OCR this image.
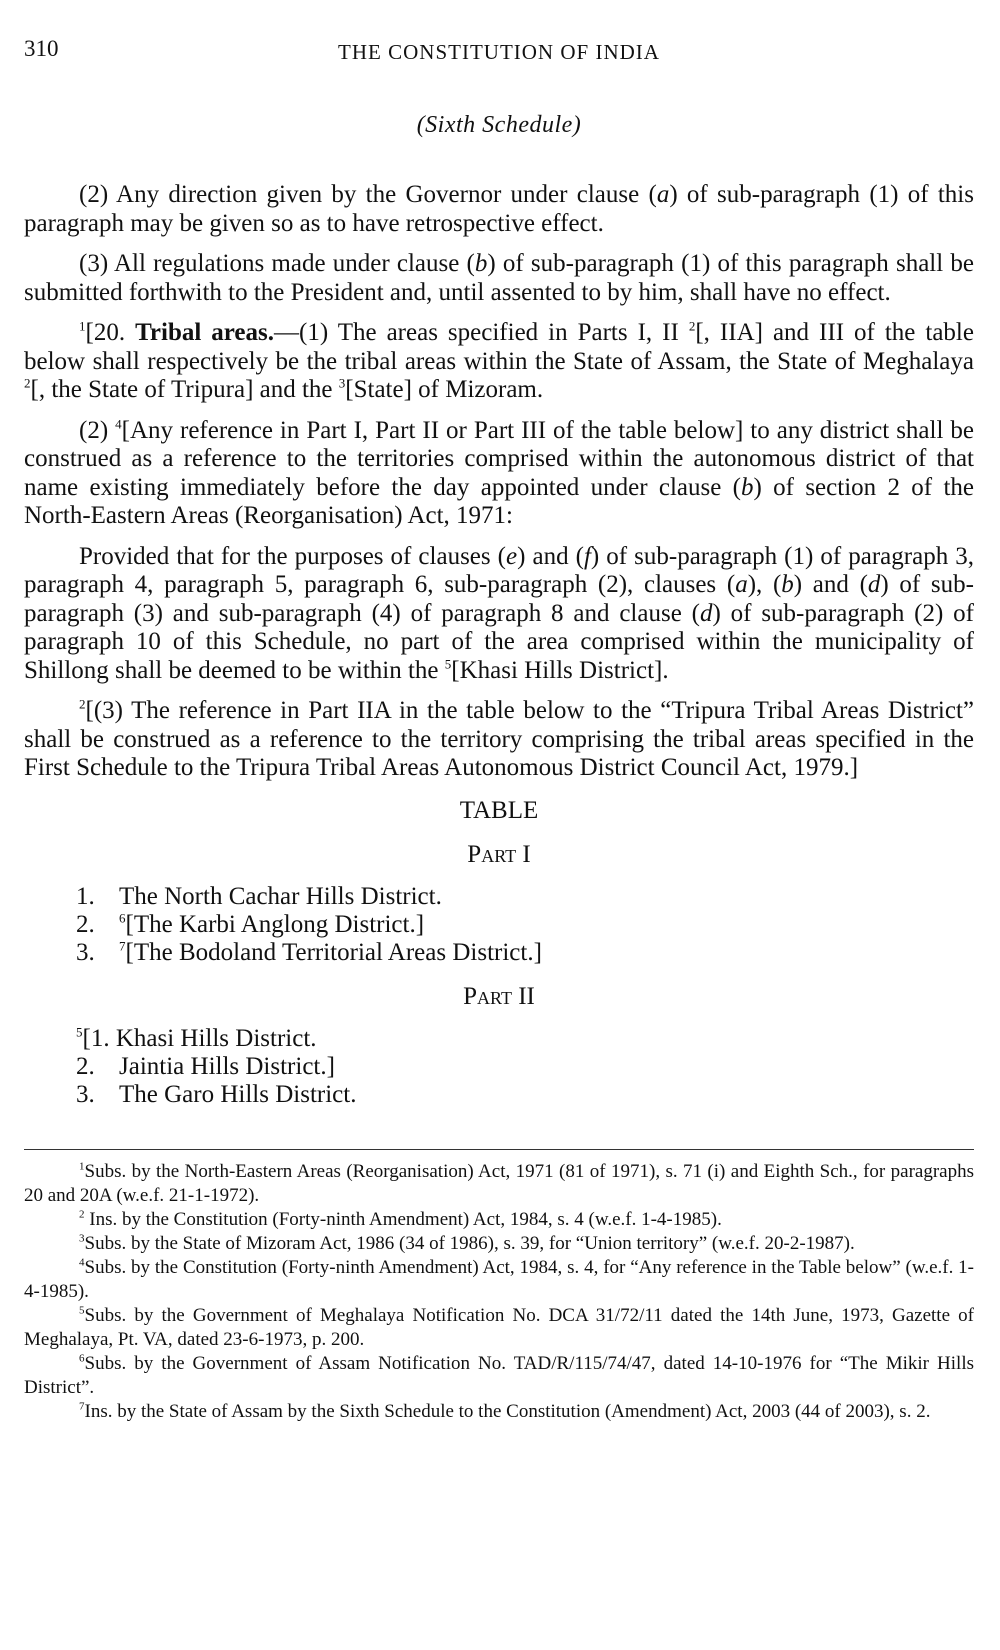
310	THE CONSTITUTION OF INDIA
(Sixth Schedule)

(2) Any direction given by the Governor under clause (a) of sub-paragraph (1) of this paragraph may be given so as to have retrospective effect.

(3) All regulations made under clause (b) of sub-paragraph (1) of this paragraph shall be submitted forthwith to the President and, until assented to by him, shall have no effect.

$^1$[20. Tribal areas.—(1) The areas specified in Parts I, II $^2$[, IIA] and III of the table below shall respectively be the tribal areas within the State of Assam, the State of Meghalaya $^2$[, the State of Tripura] and the $^3$[State] of Mizoram.

(2) $^4$[Any reference in Part I, Part II or Part III of the table below] to any district shall be construed as a reference to the territories comprised within the autonomous district of that name existing immediately before the day appointed under clause (b) of section 2 of the North-Eastern Areas (Reorganisation) Act, 1971:

Provided that for the purposes of clauses (e) and (f) of sub-paragraph (1) of paragraph 3, paragraph 4, paragraph 5, paragraph 6, sub-paragraph (2), clauses (a), (b) and (d) of sub-paragraph (3) and sub-paragraph (4) of paragraph 8 and clause (d) of sub-paragraph (2) of paragraph 10 of this Schedule, no part of the area comprised within the municipality of Shillong shall be deemed to be within the $^5$[Khasi Hills District].

$^2$[(3) The reference in Part IIA in the table below to the “Tripura Tribal Areas District” shall be construed as a reference to the territory comprising the tribal areas specified in the First Schedule to the Tripura Tribal Areas Autonomous District Council Act, 1979.]

TABLE
Part I
1. The North Cachar Hills District.
2.	$^6$[The Karbi Anglong District.]
3.	$^7$[The Bodoland Territorial Areas District.]
Part II
$^5$[1. Khasi Hills District.
2. Jaintia Hills District.]
3. The Garo Hills District.

$^1$Subs. by the North-Eastern Areas (Reorganisation) Act, 1971 (81 of 1971), s. 71 (i) and Eighth Sch., for paragraphs 20 and 20A (w.e.f. 21-1-1972).

$^2$ Ins. by the Constitution (Forty-ninth Amendment) Act, 1984, s. 4 (w.e.f. 1-4-1985).

$^3$Subs. by the State of Mizoram Act, 1986 (34 of 1986), s. 39, for “Union territory” (w.e.f. 20-2-1987).

$^4$Subs. by the Constitution (Forty-ninth Amendment) Act, 1984, s. 4, for “Any reference in the Table below” (w.e.f. 1-4-1985).

$^5$Subs. by the Government of Meghalaya Notification No. DCA 31/72/11 dated the 14th June, 1973, Gazette of Meghalaya, Pt. VA, dated 23-6-1973, p. 200.

$^6$Subs. by the Government of Assam Notification No. TAD/R/115/74/47, dated 14-10-1976 for “The Mikir Hills District”.

$^7$Ins. by the State of Assam by the Sixth Schedule to the Constitution (Amendment) Act, 2003 (44 of 2003), s. 2.
